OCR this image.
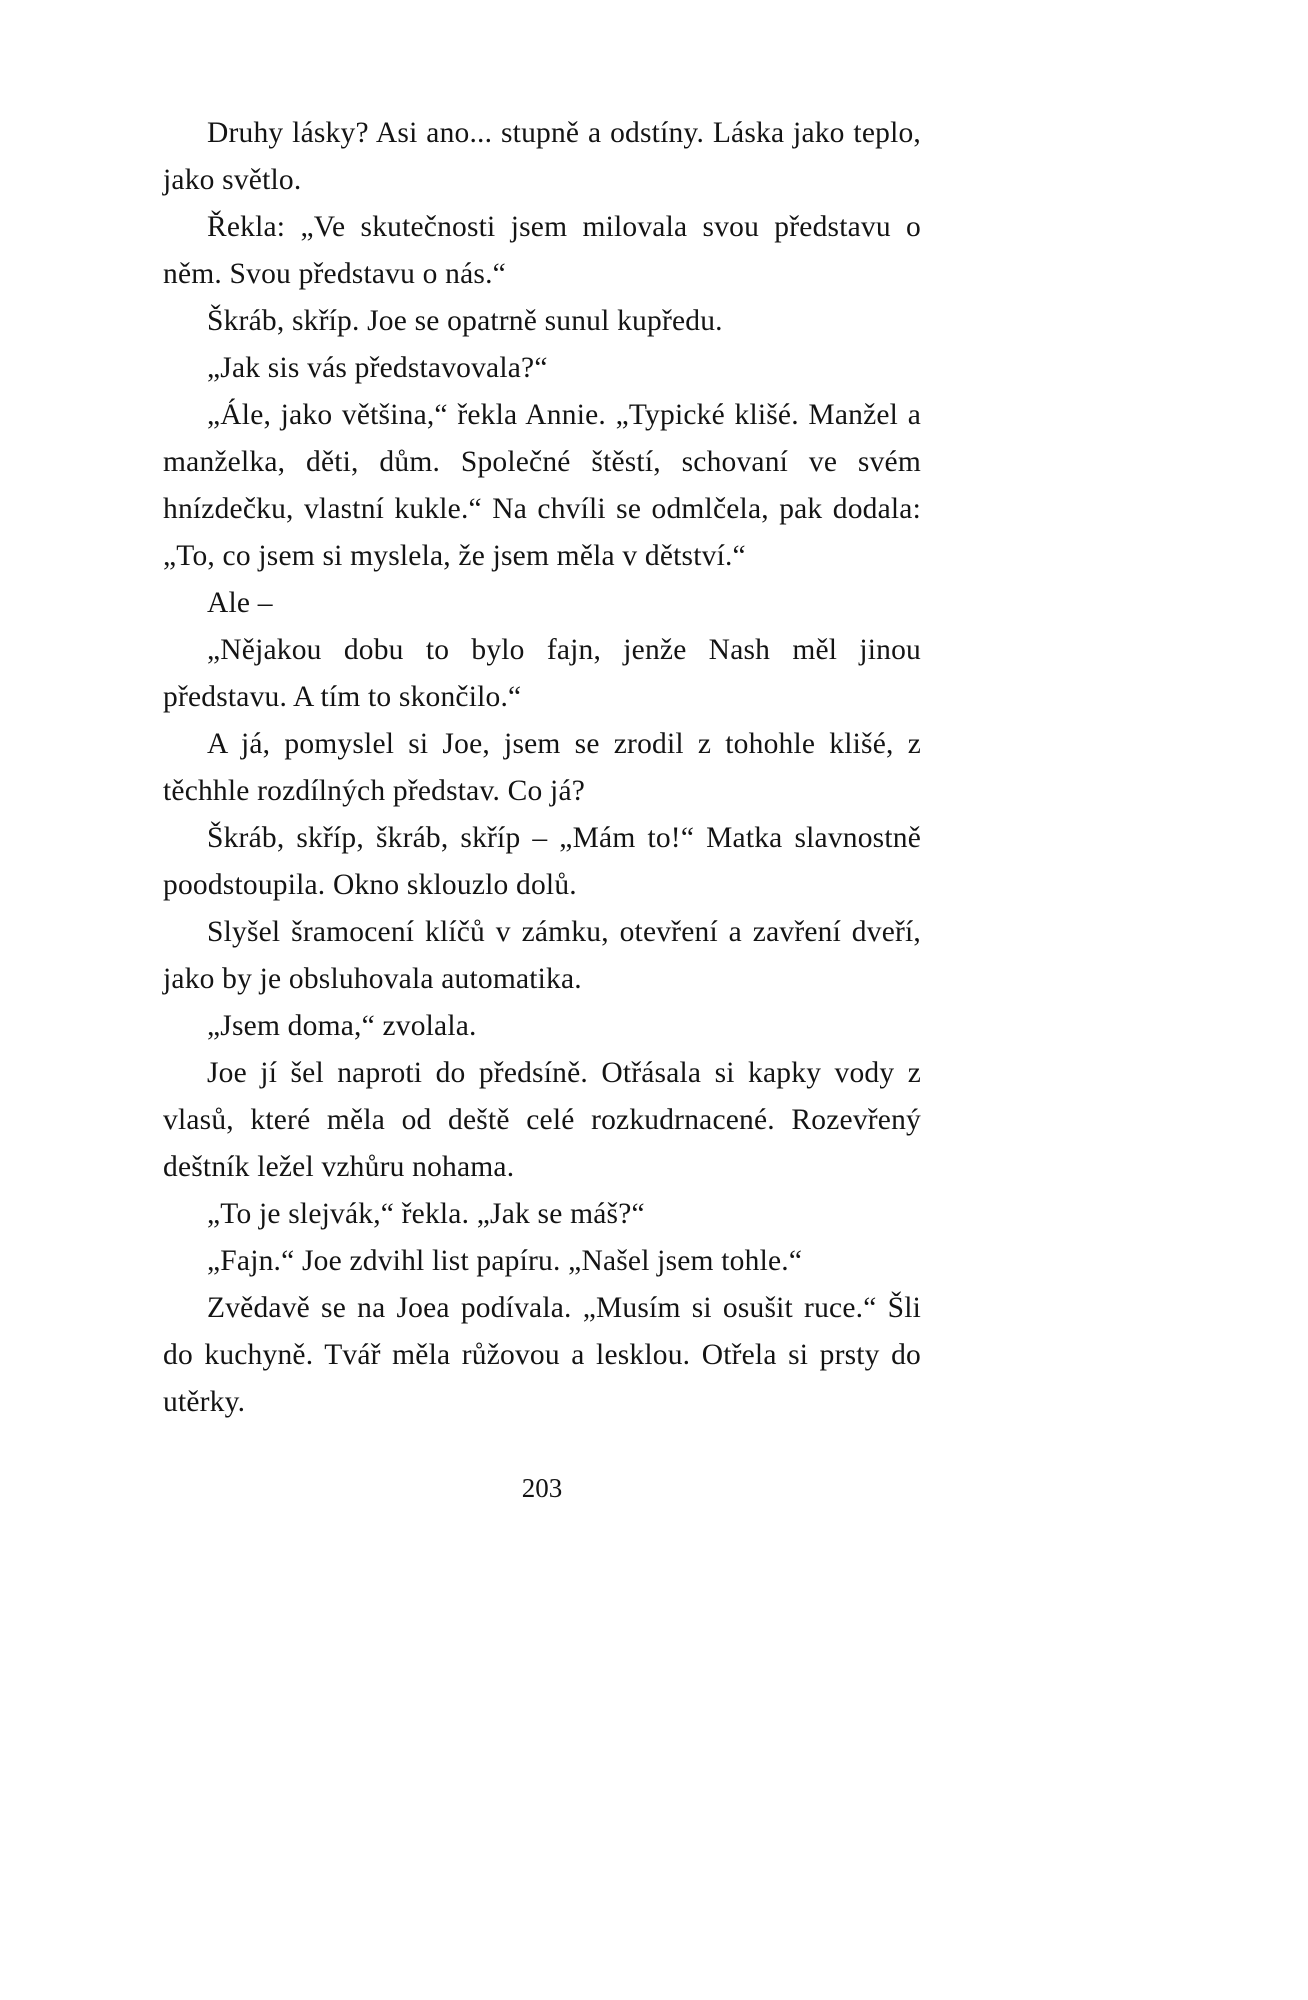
Druhy lásky? Asi ano... stupně a odstíny. Láska jako teplo, jako světlo.

Řekla: „Ve skutečnosti jsem milovala svou představu o něm. Svou představu o nás.“

Škráb, skříp. Joe se opatrně sunul kupředu.

„Jak sis vás představovala?“

„Ále, jako většina,“ řekla Annie. „Typické klišé. Manžel a manželka, děti, dům. Společné štěstí, schovaní ve svém hnízdečku, vlastní kukle.“ Na chvíli se odmlčela, pak dodala: „To, co jsem si myslela, že jsem měla v dětství.“

Ale –

„Nějakou dobu to bylo fajn, jenže Nash měl jinou představu. A tím to skončilo.“

A já, pomyslel si Joe, jsem se zrodil z tohohle klišé, z těchhle rozdílných představ. Co já?

Škráb, skříp, škráb, skříp – „Mám to!“ Matka slavnostně poodstoupila. Okno sklouzlo dolů.

Slyšel šramocení klíčů v zámku, otevření a zavření dveří, jako by je obsluhovala automatika.

„Jsem doma,“ zvolala.

Joe jí šel naproti do předsíně. Otřásala si kapky vody z vlasů, které měla od deště celé rozkudrnacené. Rozevřený deštník ležel vzhůru nohama.

„To je slejvák,“ řekla. „Jak se máš?“

„Fajn.“ Joe zdvihl list papíru. „Našel jsem tohle.“

Zvědavě se na Joea podívala. „Musím si osušit ruce.“ Šli do kuchyně. Tvář měla růžovou a lesklou. Otřela si prsty do utěrky.

203
